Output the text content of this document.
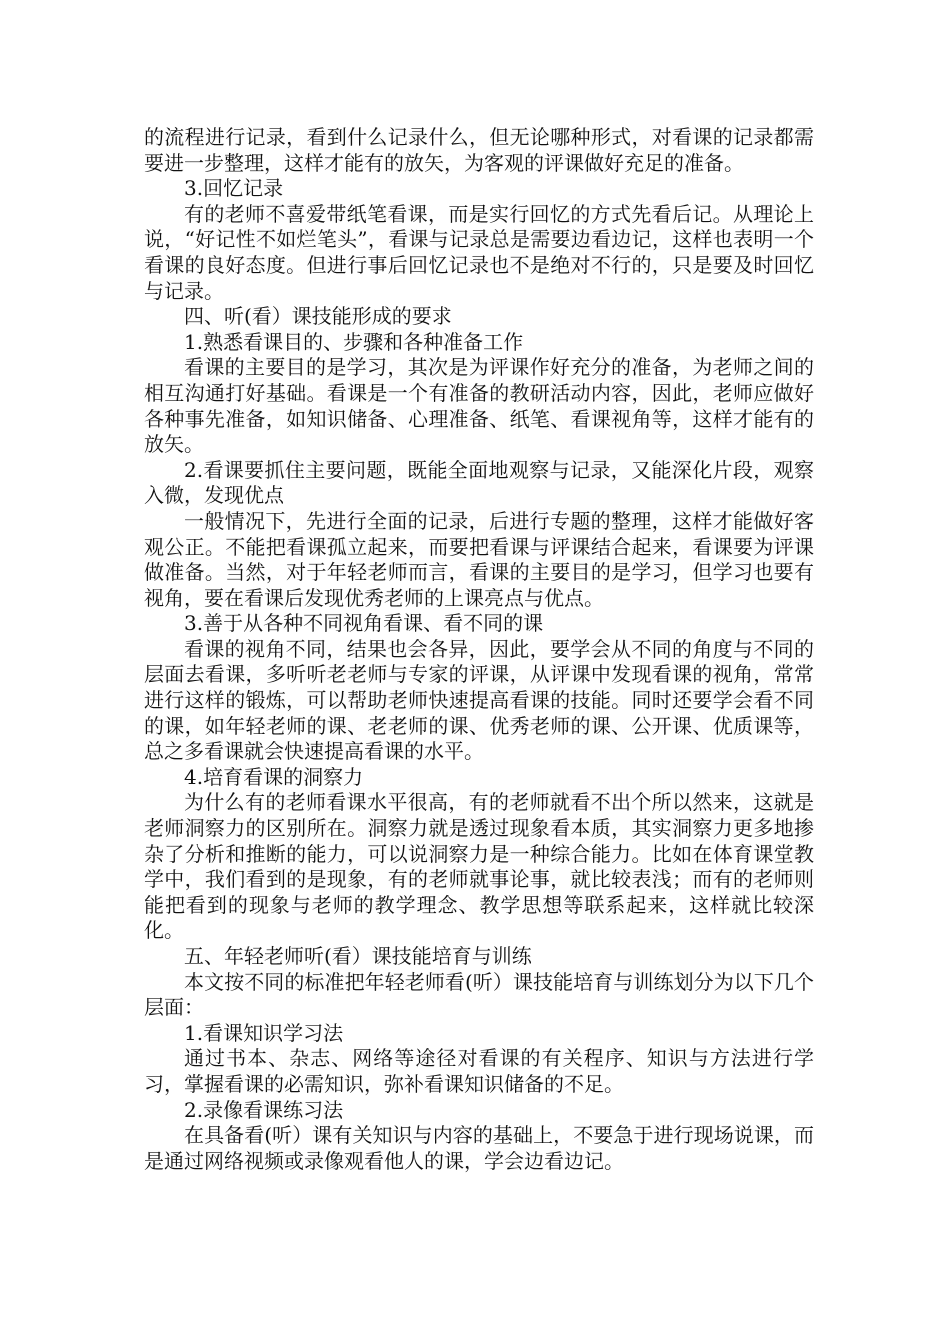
的流程进行记录，看到什么记录什么，但无论哪种形式，对看课的记录都需要进一步整理，这样才能有的放矢，为客观的评课做好充足的准备。

3.回忆记录

有的老师不喜爱带纸笔看课，而是实行回忆的方式先看后记。从理论上说，“好记性不如烂笔头”，看课与记录总是需要边看边记，这样也表明一个看课的良好态度。但进行事后回忆记录也不是绝对不行的，只是要及时回忆与记录。

四、听(看）课技能形成的要求

1.熟悉看课目的、步骤和各种准备工作

看课的主要目的是学习，其次是为评课作好充分的准备，为老师之间的相互沟通打好基础。看课是一个有准备的教研活动内容，因此，老师应做好各种事先准备，如知识储备、心理准备、纸笔、看课视角等，这样才能有的放矢。

2.看课要抓住主要问题，既能全面地观察与记录，又能深化片段，观察入微，发现优点

一般情况下，先进行全面的记录，后进行专题的整理，这样才能做好客观公正。不能把看课孤立起来，而要把看课与评课结合起来，看课要为评课做准备。当然，对于年轻老师而言，看课的主要目的是学习，但学习也要有视角，要在看课后发现优秀老师的上课亮点与优点。

3.善于从各种不同视角看课、看不同的课

看课的视角不同，结果也会各异，因此，要学会从不同的角度与不同的层面去看课，多听听老老师与专家的评课，从评课中发现看课的视角，常常进行这样的锻炼，可以帮助老师快速提高看课的技能。同时还要学会看不同的课，如年轻老师的课、老老师的课、优秀老师的课、公开课、优质课等，总之多看课就会快速提高看课的水平。

4.培育看课的洞察力

为什么有的老师看课水平很高，有的老师就看不出个所以然来，这就是老师洞察力的区别所在。洞察力就是透过现象看本质，其实洞察力更多地掺杂了分析和推断的能力，可以说洞察力是一种综合能力。比如在体育课堂教学中，我们看到的是现象，有的老师就事论事，就比较表浅；而有的老师则能把看到的现象与老师的教学理念、教学思想等联系起来，这样就比较深化。

五、年轻老师听(看）课技能培育与训练

本文按不同的标准把年轻老师看(听）课技能培育与训练划分为以下几个层面：

1.看课知识学习法

通过书本、杂志、网络等途径对看课的有关程序、知识与方法进行学习，掌握看课的必需知识，弥补看课知识储备的不足。

2.录像看课练习法

在具备看(听）课有关知识与内容的基础上，不要急于进行现场说课，而是通过网络视频或录像观看他人的课，学会边看边记。
